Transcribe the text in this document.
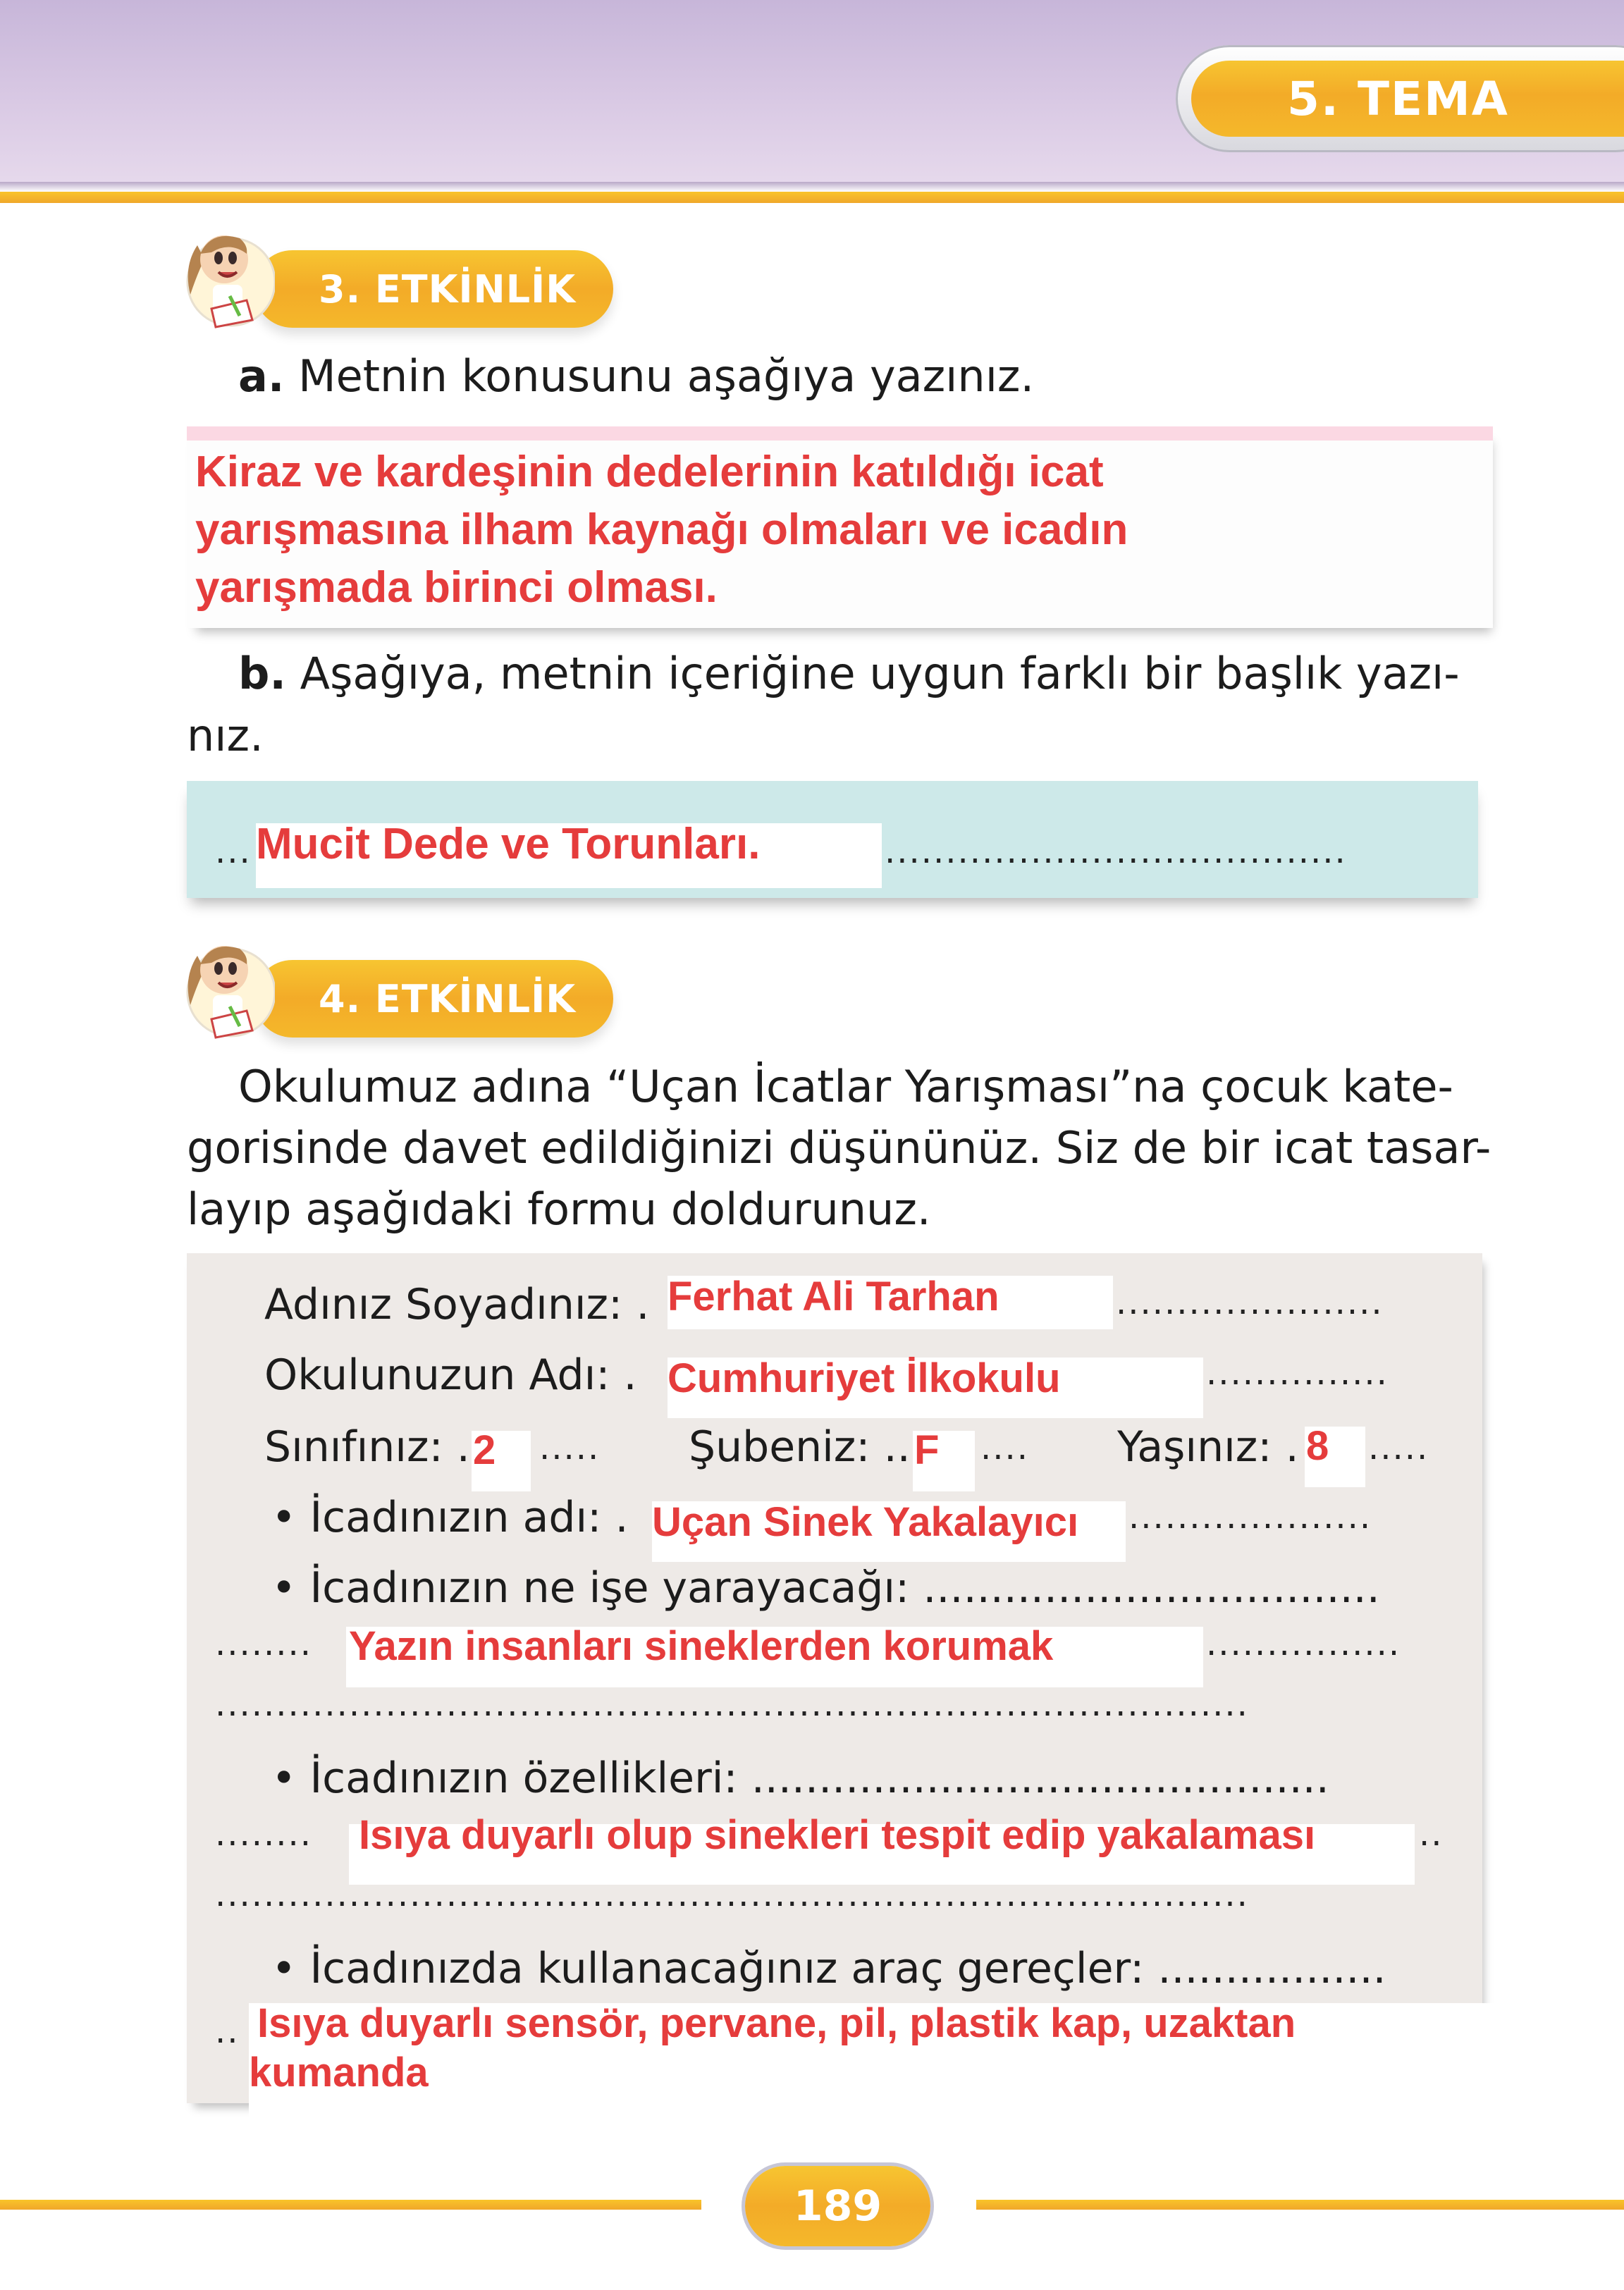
5. TEMA
3. ETKİNLİK
a. Metnin konusunu aşağıya yazınız.
Kiraz ve kardeşinin dedelerinin katıldığı icat
yarışmasına ilham kaynağı olmaları ve icadın
yarışmada birinci olması.
b. Aşağıya, metnin içeriğine uygun farklı bir başlık yazı-
nız.
... Mucit Dede ve Torunları.	......................................
4. ETKİNLİK
Okulumuz adına “Uçan İcatlar Yarışması”na çocuk kate-
gorisinde davet edildiğinizi düşününüz. Siz de bir icat tasar-
layıp aşağıdaki formu doldurunuz.
Adınız Soyadınız: . Ferhat Ali Tarhan	......................
Okulunuzun Adı: . Cumhuriyet İlkokulu	...............
Sınıfınız: . 2 ..... Şubeniz: .. F .... Yaşınız: . 8 .....
• İcadınızın adı: . Uçan Sinek Yakalayıcı ....................
• İcadınızın ne işe yarayacağı: ..................................
........ Yazın insanları sineklerden korumak	................
.....................................................................................
• İcadınızın özellikleri: ...........................................
........ Isıya duyarlı olup sinekleri tespit edip yakalaması	..
.....................................................................................
• İcadınızda kullanacağınız araç gereçler: .................
.. Isıya duyarlı sensör, pervane, pil, plastik kap, uzaktan
kumanda
189
